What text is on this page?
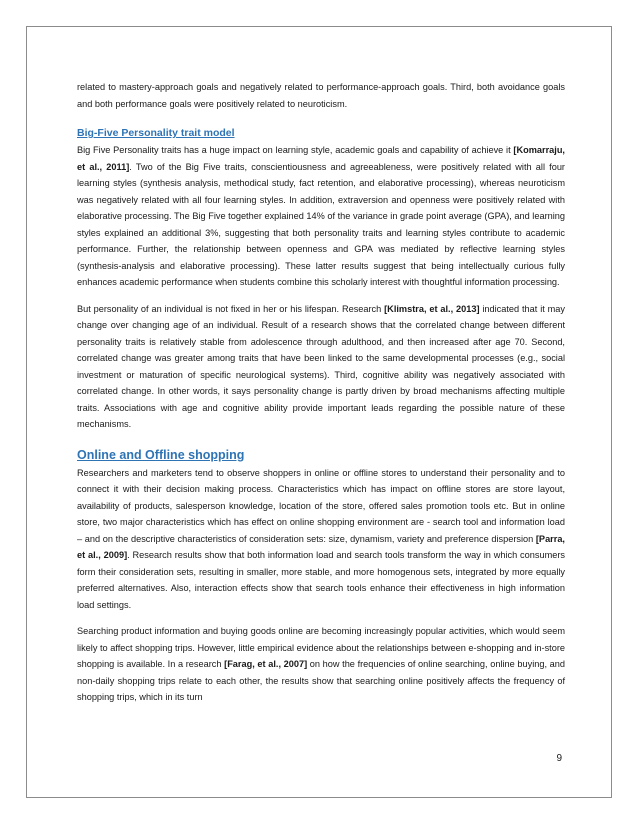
related to mastery-approach goals and negatively related to performance-approach goals. Third, both avoidance goals and both performance goals were positively related to neuroticism.

Big-Five Personality trait model

Big Five Personality traits has a huge impact on learning style, academic goals and capability of achieve it [Komarraju, et al., 2011]. Two of the Big Five traits, conscientiousness and agreeableness, were positively related with all four learning styles (synthesis analysis, methodical study, fact retention, and elaborative processing), whereas neuroticism was negatively related with all four learning styles. In addition, extraversion and openness were positively related with elaborative processing. The Big Five together explained 14% of the variance in grade point average (GPA), and learning styles explained an additional 3%, suggesting that both personality traits and learning styles contribute to academic performance. Further, the relationship between openness and GPA was mediated by reflective learning styles (synthesis-analysis and elaborative processing). These latter results suggest that being intellectually curious fully enhances academic performance when students combine this scholarly interest with thoughtful information processing.

But personality of an individual is not fixed in her or his lifespan. Research [Klimstra, et al., 2013] indicated that it may change over changing age of an individual. Result of a research shows that the correlated change between different personality traits is relatively stable from adolescence through adulthood, and then increased after age 70. Second, correlated change was greater among traits that have been linked to the same developmental processes (e.g., social investment or maturation of specific neurological systems). Third, cognitive ability was negatively associated with correlated change. In other words, it says personality change is partly driven by broad mechanisms affecting multiple traits. Associations with age and cognitive ability provide important leads regarding the possible nature of these mechanisms.

Online and Offline shopping

Researchers and marketers tend to observe shoppers in online or offline stores to understand their personality and to connect it with their decision making process. Characteristics which has impact on offline stores are store layout, availability of products, salesperson knowledge, location of the store, offered sales promotion tools etc. But in online store, two major characteristics which has effect on online shopping environment are - search tool and information load – and on the descriptive characteristics of consideration sets: size, dynamism, variety and preference dispersion [Parra, et al., 2009]. Research results show that both information load and search tools transform the way in which consumers form their consideration sets, resulting in smaller, more stable, and more homogenous sets, integrated by more equally preferred alternatives. Also, interaction effects show that search tools enhance their effectiveness in high information load settings.

Searching product information and buying goods online are becoming increasingly popular activities, which would seem likely to affect shopping trips. However, little empirical evidence about the relationships between e-shopping and in-store shopping is available. In a research [Farag, et al., 2007] on how the frequencies of online searching, online buying, and non-daily shopping trips relate to each other, the results show that searching online positively affects the frequency of shopping trips, which in its turn

9
